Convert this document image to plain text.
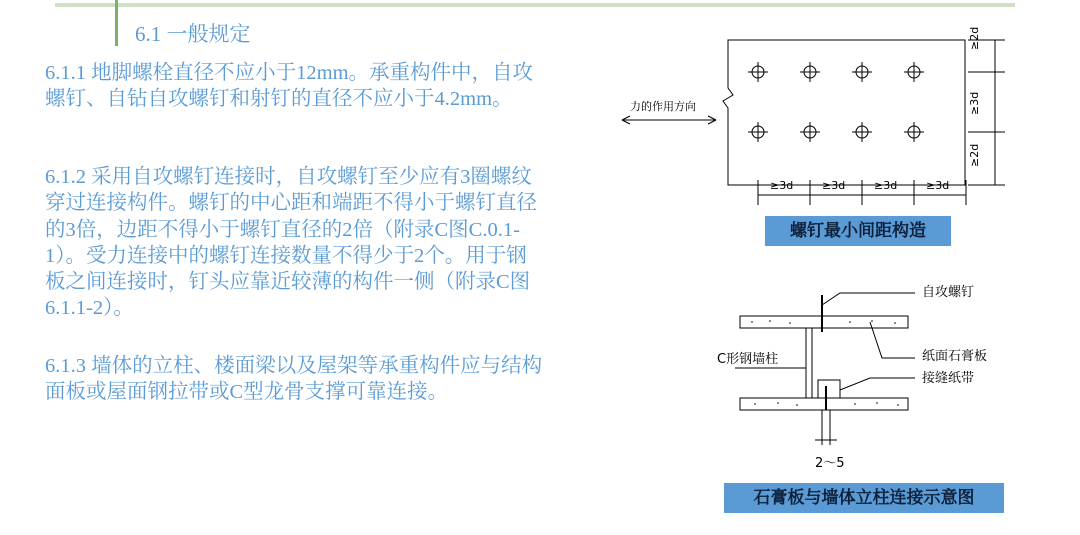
6.1 一般规定
6.1.1 地脚螺栓直径不应小于12mm。承重构件中，自攻螺钉、自钻自攻螺钉和射钉的直径不应小于4.2mm。
6.1.2 采用自攻螺钉连接时，自攻螺钉至少应有3圈螺纹穿过连接构件。螺钉的中心距和端距不得小于螺钉直径的3倍，边距不得小于螺钉直径的2倍（附录C图C.0.1-1）。受力连接中的螺钉连接数量不得少于2个。用于钢板之间连接时，钉头应靠近较薄的构件一侧（附录C图6.1.1-2）。
6.1.3 墙体的立柱、楼面梁以及屋架等承重构件应与结构面板或屋面钢拉带或C型龙骨支撑可靠连接。
力的作用方向
≥3d	≥3d	≥3d	≥3d
≥2d
≥3d
≥2d
螺钉最小间距构造
自攻螺钉
纸面石膏板
C形钢墙柱
接缝纸带
2～5
石膏板与墙体立柱连接示意图
